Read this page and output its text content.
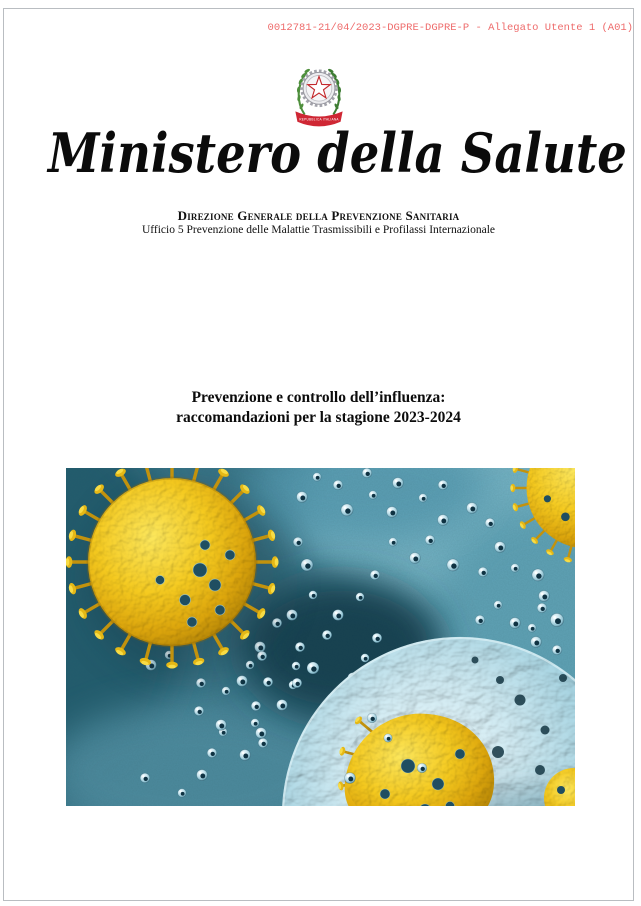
0012781-21/04/2023-DGPRE-DGPRE-P - Allegato Utente 1 (A01)
REPUBBLICA ITALIANA
Ministero della Salute
Direzione Generale della Prevenzione Sanitaria
Ufficio 5 Prevenzione delle Malattie Trasmissibili e Profilassi Internazionale
Prevenzione e controllo dell’influenza:
raccomandazioni per la stagione 2023-2024
